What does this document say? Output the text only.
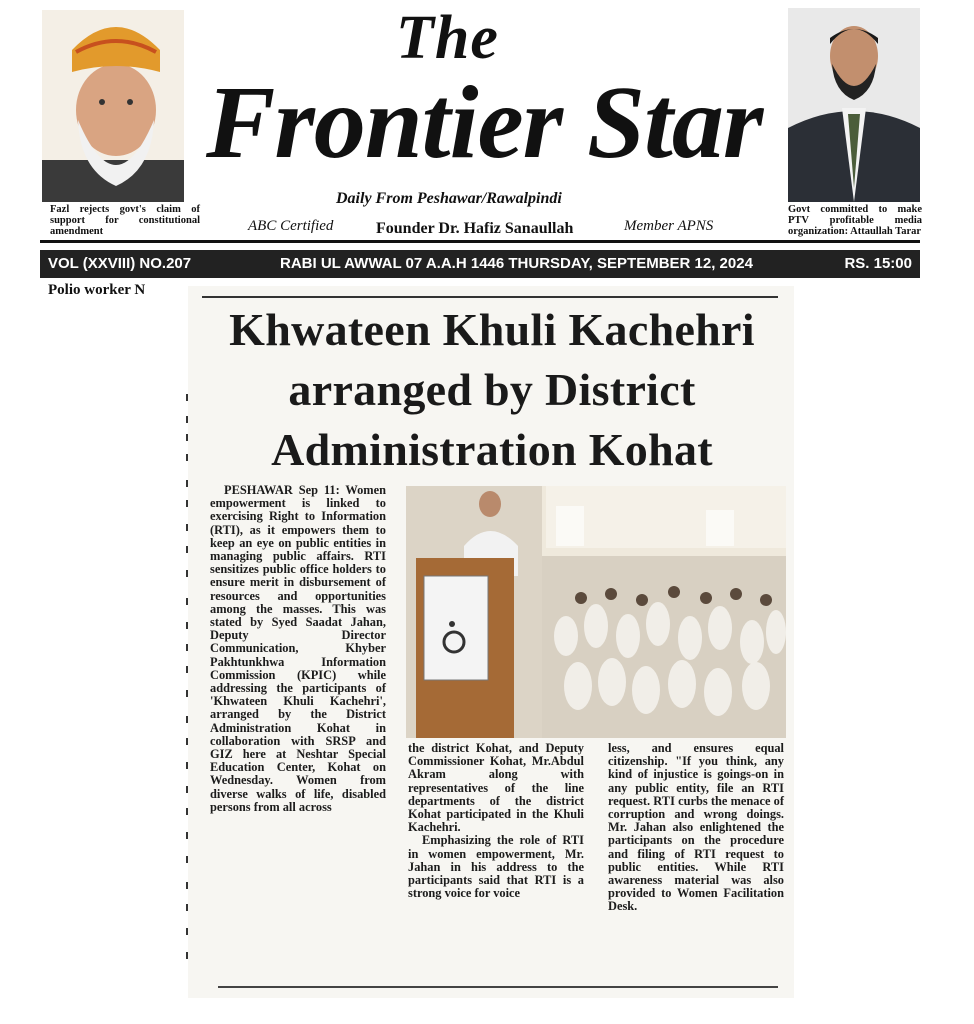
Fazl rejects govt's claim of support for constitutional amendment
The
Frontier Star
Daily From Peshawar/Rawalpindi
ABC Certified	Founder Dr. Hafiz Sanaullah	Member APNS
Govt committed to make PTV profitable media organization: Attaullah Tarar
VOL (XXVIII) NO.207	RABI UL AWWAL 07 A.A.H 1446 THURSDAY, SEPTEMBER 12, 2024	RS. 15:00
Polio worker N
Khwateen Khuli Kachehri arranged by District Administration Kohat
PESHAWAR Sep 11: Women empowerment is linked to exercising Right to Information (RTI), as it empowers them to keep an eye on public entities in managing public affairs. RTI sensitizes public office holders to ensure merit in disbursement of resources and opportunities among the masses. This was stated by Syed Saadat Jahan, Deputy Director Communication, Khyber Pakhtunkhwa Information Commission (KPIC) while addressing the participants of 'Khwateen Khuli Kachehri', arranged by the District Administration Kohat in collaboration with SRSP and GIZ here at Neshtar Special Education Center, Kohat on Wednesday. Women from diverse walks of life, disabled persons from all across
the district Kohat, and Deputy Commissioner Kohat, Mr.Abdul Akram along with representatives of the line departments of the district Kohat participated in the Khuli Kachehri.
Emphasizing the role of RTI in women empowerment, Mr. Jahan in his address to the participants said that RTI is a strong voice for voice
less, and ensures equal citizenship. "If you think, any kind of injustice is goings-on in any public entity, file an RTI request. RTI curbs the menace of corruption and wrong doings. Mr. Jahan also enlightened the participants on the procedure and filing of RTI request to public entities. While RTI awareness material was also provided to Women Facilitation Desk.
